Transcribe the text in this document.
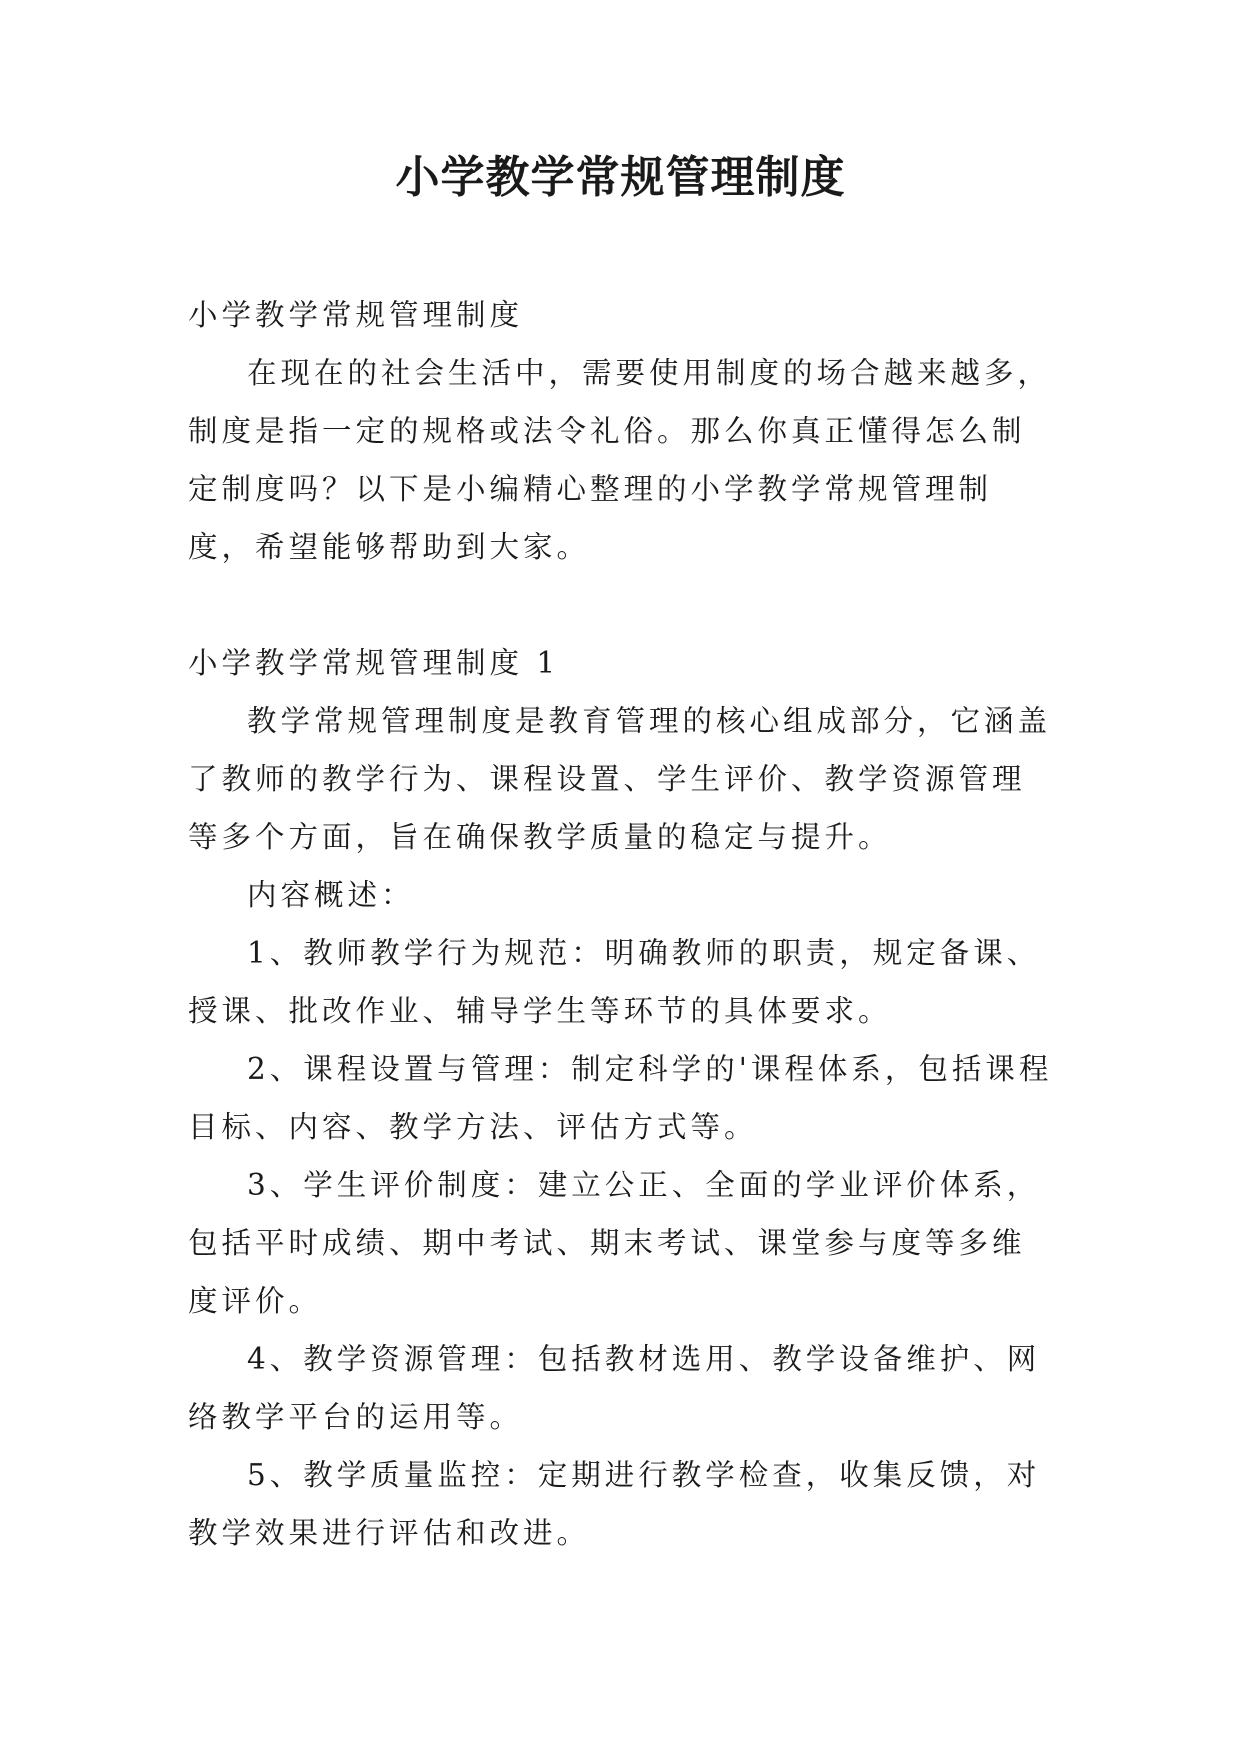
小学教学常规管理制度

小学教学常规管理制度

在现在的社会生活中，需要使用制度的场合越来越多，制度是指一定的规格或法令礼俗。那么你真正懂得怎么制定制度吗？以下是小编精心整理的小学教学常规管理制度，希望能够帮助到大家。

小学教学常规管理制度 1

教学常规管理制度是教育管理的核心组成部分，它涵盖了教师的教学行为、课程设置、学生评价、教学资源管理等多个方面，旨在确保教学质量的稳定与提升。

内容概述：

1、教师教学行为规范：明确教师的职责，规定备课、授课、批改作业、辅导学生等环节的具体要求。

2、课程设置与管理：制定科学的'课程体系，包括课程目标、内容、教学方法、评估方式等。

3、学生评价制度：建立公正、全面的学业评价体系，包括平时成绩、期中考试、期末考试、课堂参与度等多维度评价。

4、教学资源管理：包括教材选用、教学设备维护、网络教学平台的运用等。

5、教学质量监控：定期进行教学检查，收集反馈，对教学效果进行评估和改进。
